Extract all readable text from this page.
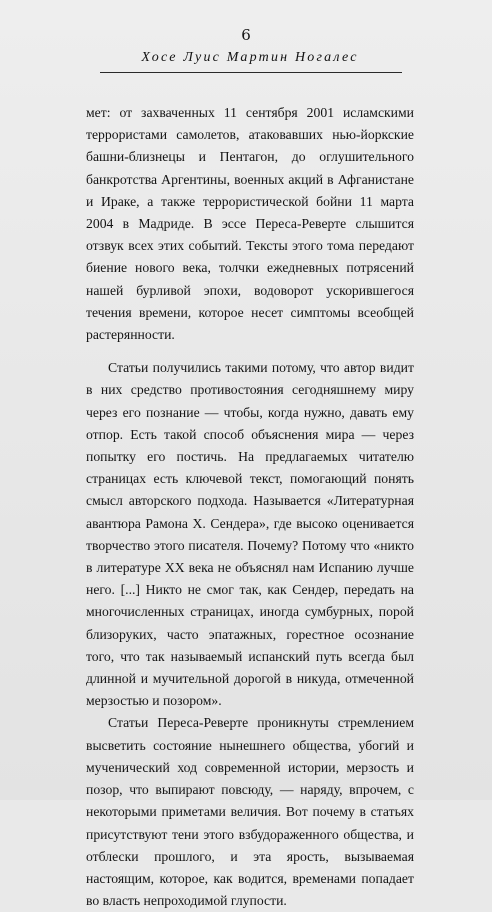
6
Хосе Луис Мартин Ногалес

мет: от захваченных 11 сентября 2001 исламскими террористами самолетов, атаковавших нью-йоркские башни-близнецы и Пентагон, до оглушительного банкротства Аргентины, военных акций в Афганистане и Ираке, а также террористической бойни 11 марта 2004 в Мадриде. В эссе Переса-Реверте слышится отзвук всех этих событий. Тексты этого тома передают биение нового века, толчки ежедневных потрясений нашей бурливой эпохи, водоворот ускорившегося течения времени, которое несет симптомы всеобщей растерянности.

Статьи получились такими потому, что автор видит в них средство противостояния сегодняшнему миру через его познание — чтобы, когда нужно, давать ему отпор. Есть такой способ объяснения мира — через попытку его постичь. На предлагаемых читателю страницах есть ключевой текст, помогающий понять смысл авторского подхода. Называется «Литературная авантюра Рамона Х. Сендера», где высоко оценивается творчество этого писателя. Почему? Потому что «никто в литературе XX века не объяснял нам Испанию лучше него. [...] Никто не смог так, как Сендер, передать на многочисленных страницах, иногда сумбурных, порой близоруких, часто эпатажных, горестное осознание того, что так называемый испанский путь всегда был длинной и мучительной дорогой в никуда, отмеченной мерзостью и позором».

Статьи Переса-Реверте проникнуты стремлением высветить состояние нынешнего общества, убогий и мученический ход современной истории, мерзость и позор, что выпирают повсюду, — наряду, впрочем, с некоторыми приметами величия. Вот почему в статьях присутствуют тени этого взбудораженного общества, и отблески прошлого, и эта ярость, вызываемая настоящим, которое, как водится, временами попадает во власть непроходимой глупости.
